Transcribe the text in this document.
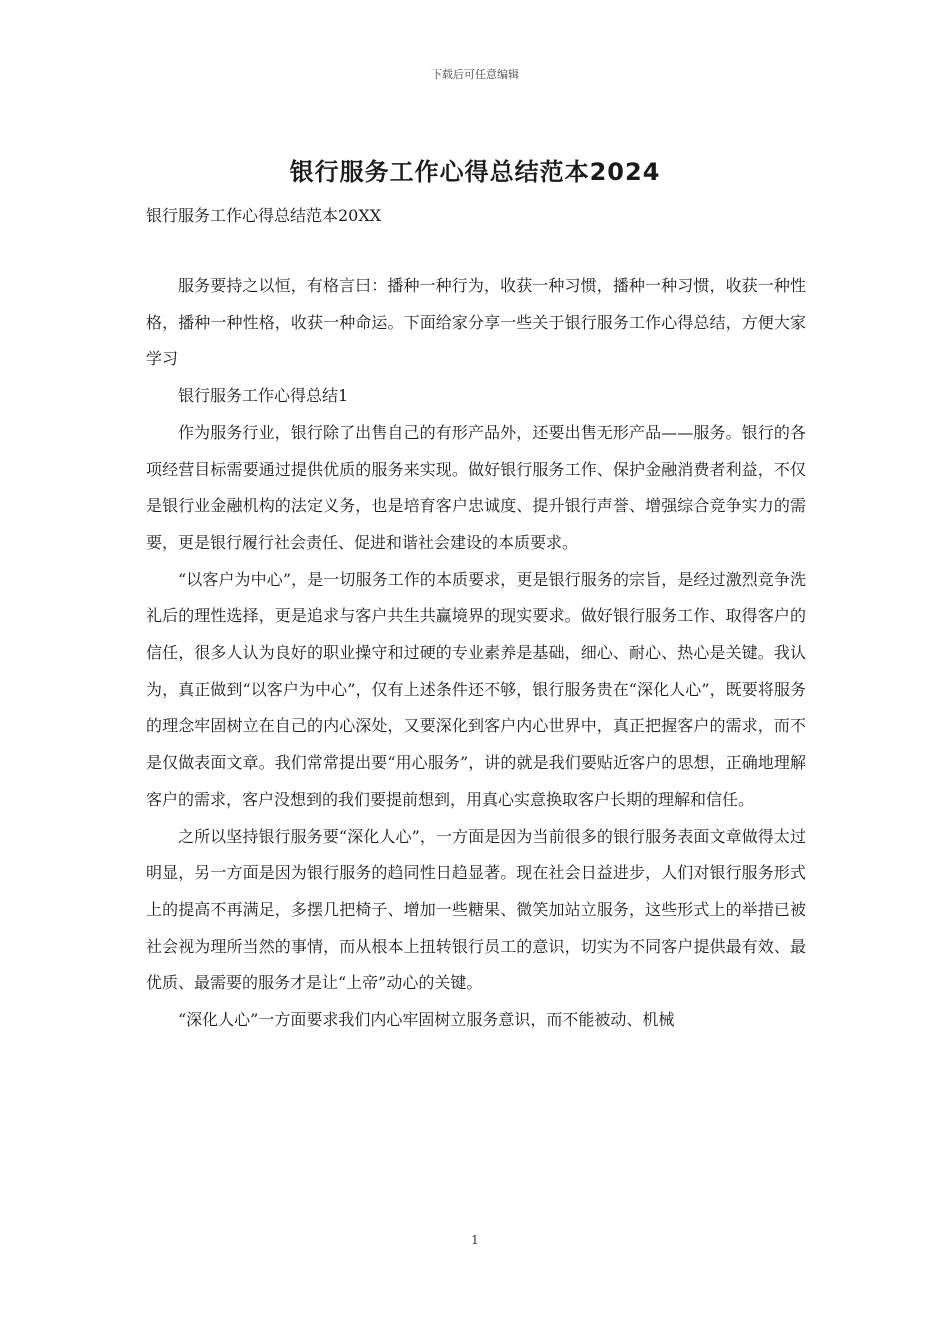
下载后可任意编辑
银行服务工作心得总结范本2024
银行服务工作心得总结范本20XX

服务要持之以恒，有格言曰：播种一种行为，收获一种习惯，播种一种习惯，收获一种性格，播种一种性格，收获一种命运。下面给家分享一些关于银行服务工作心得总结，方便大家学习

银行服务工作心得总结1

作为服务行业，银行除了出售自己的有形产品外，还要出售无形产品——服务。银行的各项经营目标需要通过提供优质的服务来实现。做好银行服务工作、保护金融消费者利益，不仅是银行业金融机构的法定义务，也是培育客户忠诚度、提升银行声誉、增强综合竞争实力的需要，更是银行履行社会责任、促进和谐社会建设的本质要求。

“以客户为中心”，是一切服务工作的本质要求，更是银行服务的宗旨，是经过激烈竞争洗礼后的理性选择，更是追求与客户共生共赢境界的现实要求。做好银行服务工作、取得客户的信任，很多人认为良好的职业操守和过硬的专业素养是基础，细心、耐心、热心是关键。我认为，真正做到“以客户为中心”，仅有上述条件还不够，银行服务贵在“深化人心”，既要将服务的理念牢固树立在自己的内心深处，又要深化到客户内心世界中，真正把握客户的需求，而不是仅做表面文章。我们常常提出要“用心服务”，讲的就是我们要贴近客户的思想，正确地理解客户的需求，客户没想到的我们要提前想到，用真心实意换取客户长期的理解和信任。

之所以坚持银行服务要“深化人心”，一方面是因为当前很多的银行服务表面文章做得太过明显，另一方面是因为银行服务的趋同性日趋显著。现在社会日益进步，人们对银行服务形式上的提高不再满足，多摆几把椅子、增加一些糖果、微笑加站立服务，这些形式上的举措已被社会视为理所当然的事情，而从根本上扭转银行员工的意识，切实为不同客户提供最有效、最优质、最需要的服务才是让“上帝”动心的关键。

“深化人心”一方面要求我们内心牢固树立服务意识，而不能被动、机械

1
